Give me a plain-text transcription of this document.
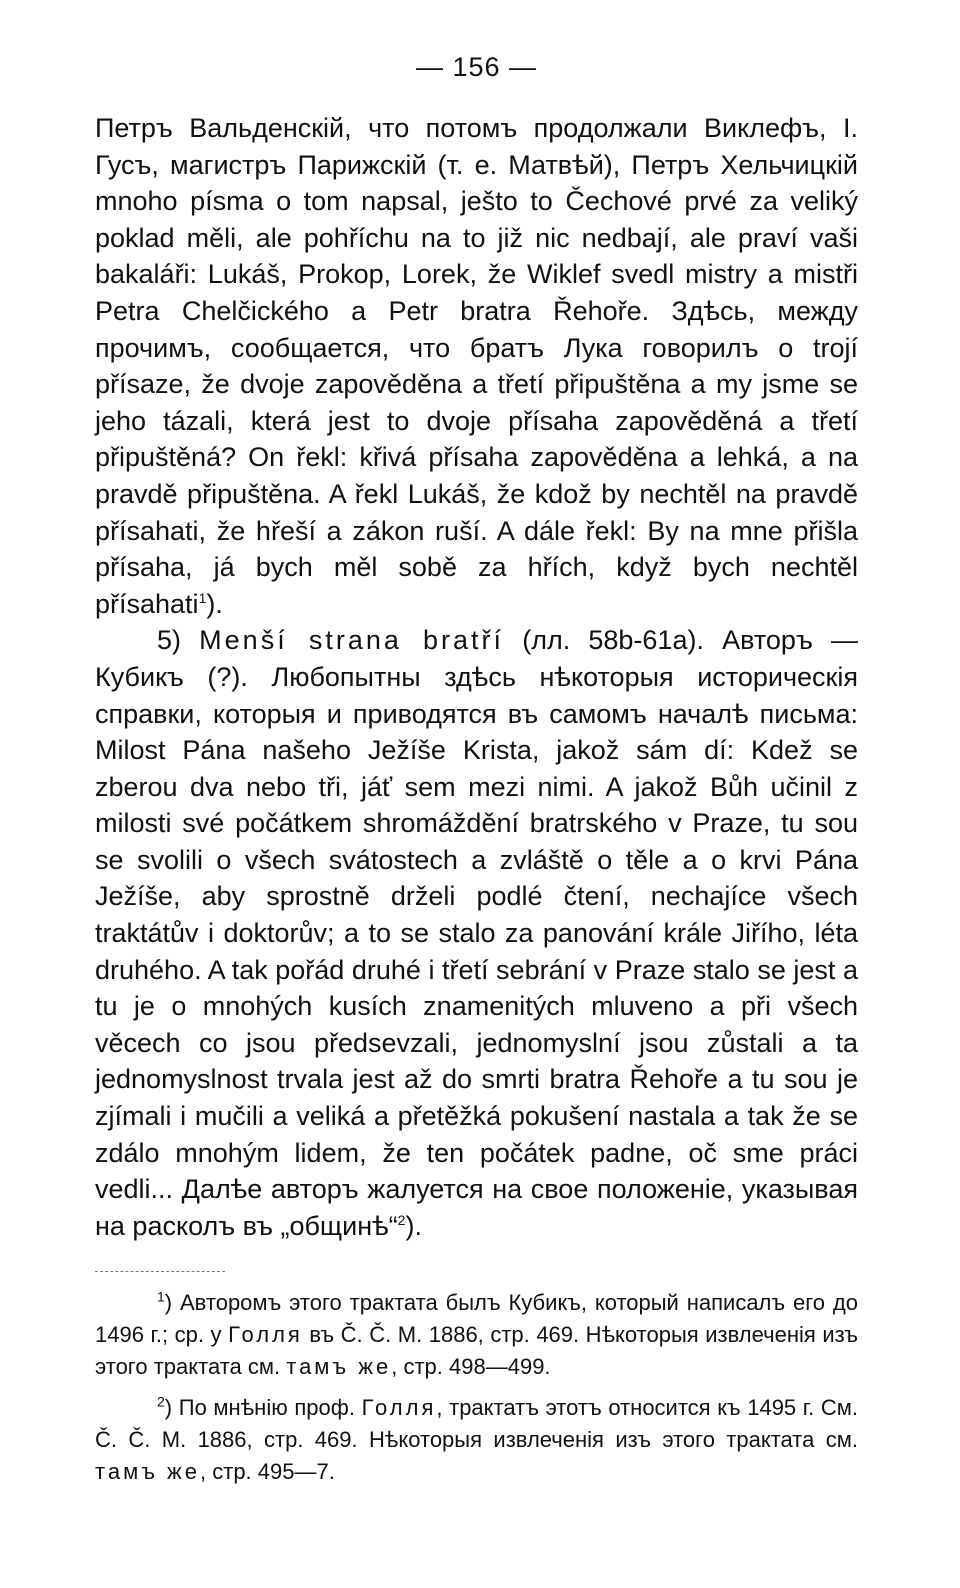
— 156 —

Петръ Вальденскій, что потомъ продолжали Виклефъ, I. Гусъ, магистръ Парижскій (т. е. Матвѣй), Петръ Хельчицкій mnoho písma o tom napsal, ješto to Čechové prvé za veliký poklad měli, ale pohříchu na to již nic nedbají, ale praví vaši bakaláři: Lukáš, Prokop, Lorek, že Wiklef svedl mistry a mistři Petra Chelčického a Petr bratra Řehoře. Здѣсь, между прочимъ, сообщается, что братъ Лука говорилъ о trojí přísaze, že dvoje zapověděna a třetí připuštěna a my jsme se jeho tázali, která jest to dvoje přísaha zapověděná a třetí připuštěná? On řekl: křivá přísaha zapověděna a lehká, a na pravdě připuštěna. A řekl Lukáš, že kdož by nechtěl na pravdě přísahati, že hřeší a zákon ruší. A dále řekl: By na mne přišla přísaha, já bych měl sobě za hřích, když bych nechtěl přísahati$^1$).

5) Menší strana bratří (лл. 58b-61a). Авторъ — Кубикъ (?). Любопытны здѣсь нѣкоторыя историческія справки, которыя и приводятся въ самомъ началѣ письма: Milost Pána našeho Ježíše Krista, jakož sám dí: Kdež se zberou dva nebo tři, jáť sem mezi nimi. A jakož Bůh učinil z milosti své počátkem shromáždění bratrského v Praze, tu sou se svolili o všech svátostech a zvláště o těle a o krvi Pána Ježíše, aby sprostně drželi podlé čtení, nechajíce všech traktátův i doktorův; a to se stalo za panování krále Jiřího, léta druhého. A tak pořád druhé i třetí sebrání v Praze stalo se jest a tu je o mnohých kusích znamenitých mluveno a při všech věcech co jsou předsevzali, jednomyslní jsou zůstali a ta jednomyslnost trvala jest až do smrti bratra Řehoře a tu sou je zjímali i mučili a veliká a přetěžká pokušení nastala a tak že se zdálo mnohým lidem, že ten počátek padne, oč sme práci vedli... Далѣе авторъ жалуется на свое положеніе, указывая на расколъ въ „общинѣ“$^2$).

$^1$) Авторомъ этого трактата былъ Кубикъ, который написалъ его до 1496 г.; ср. у Голля въ Č. Č. M. 1886, стр. 469. Нѣкоторыя извлеченія изъ этого трактата см. тамъ же, стр. 498—499.

$^2$) По мнѣнію проф. Голля, трактатъ этотъ относится къ 1495 г. См. Č. Č. M. 1886, стр. 469. Нѣкоторыя извлеченія изъ этого трактата см. тамъ же, стр. 495—7.
